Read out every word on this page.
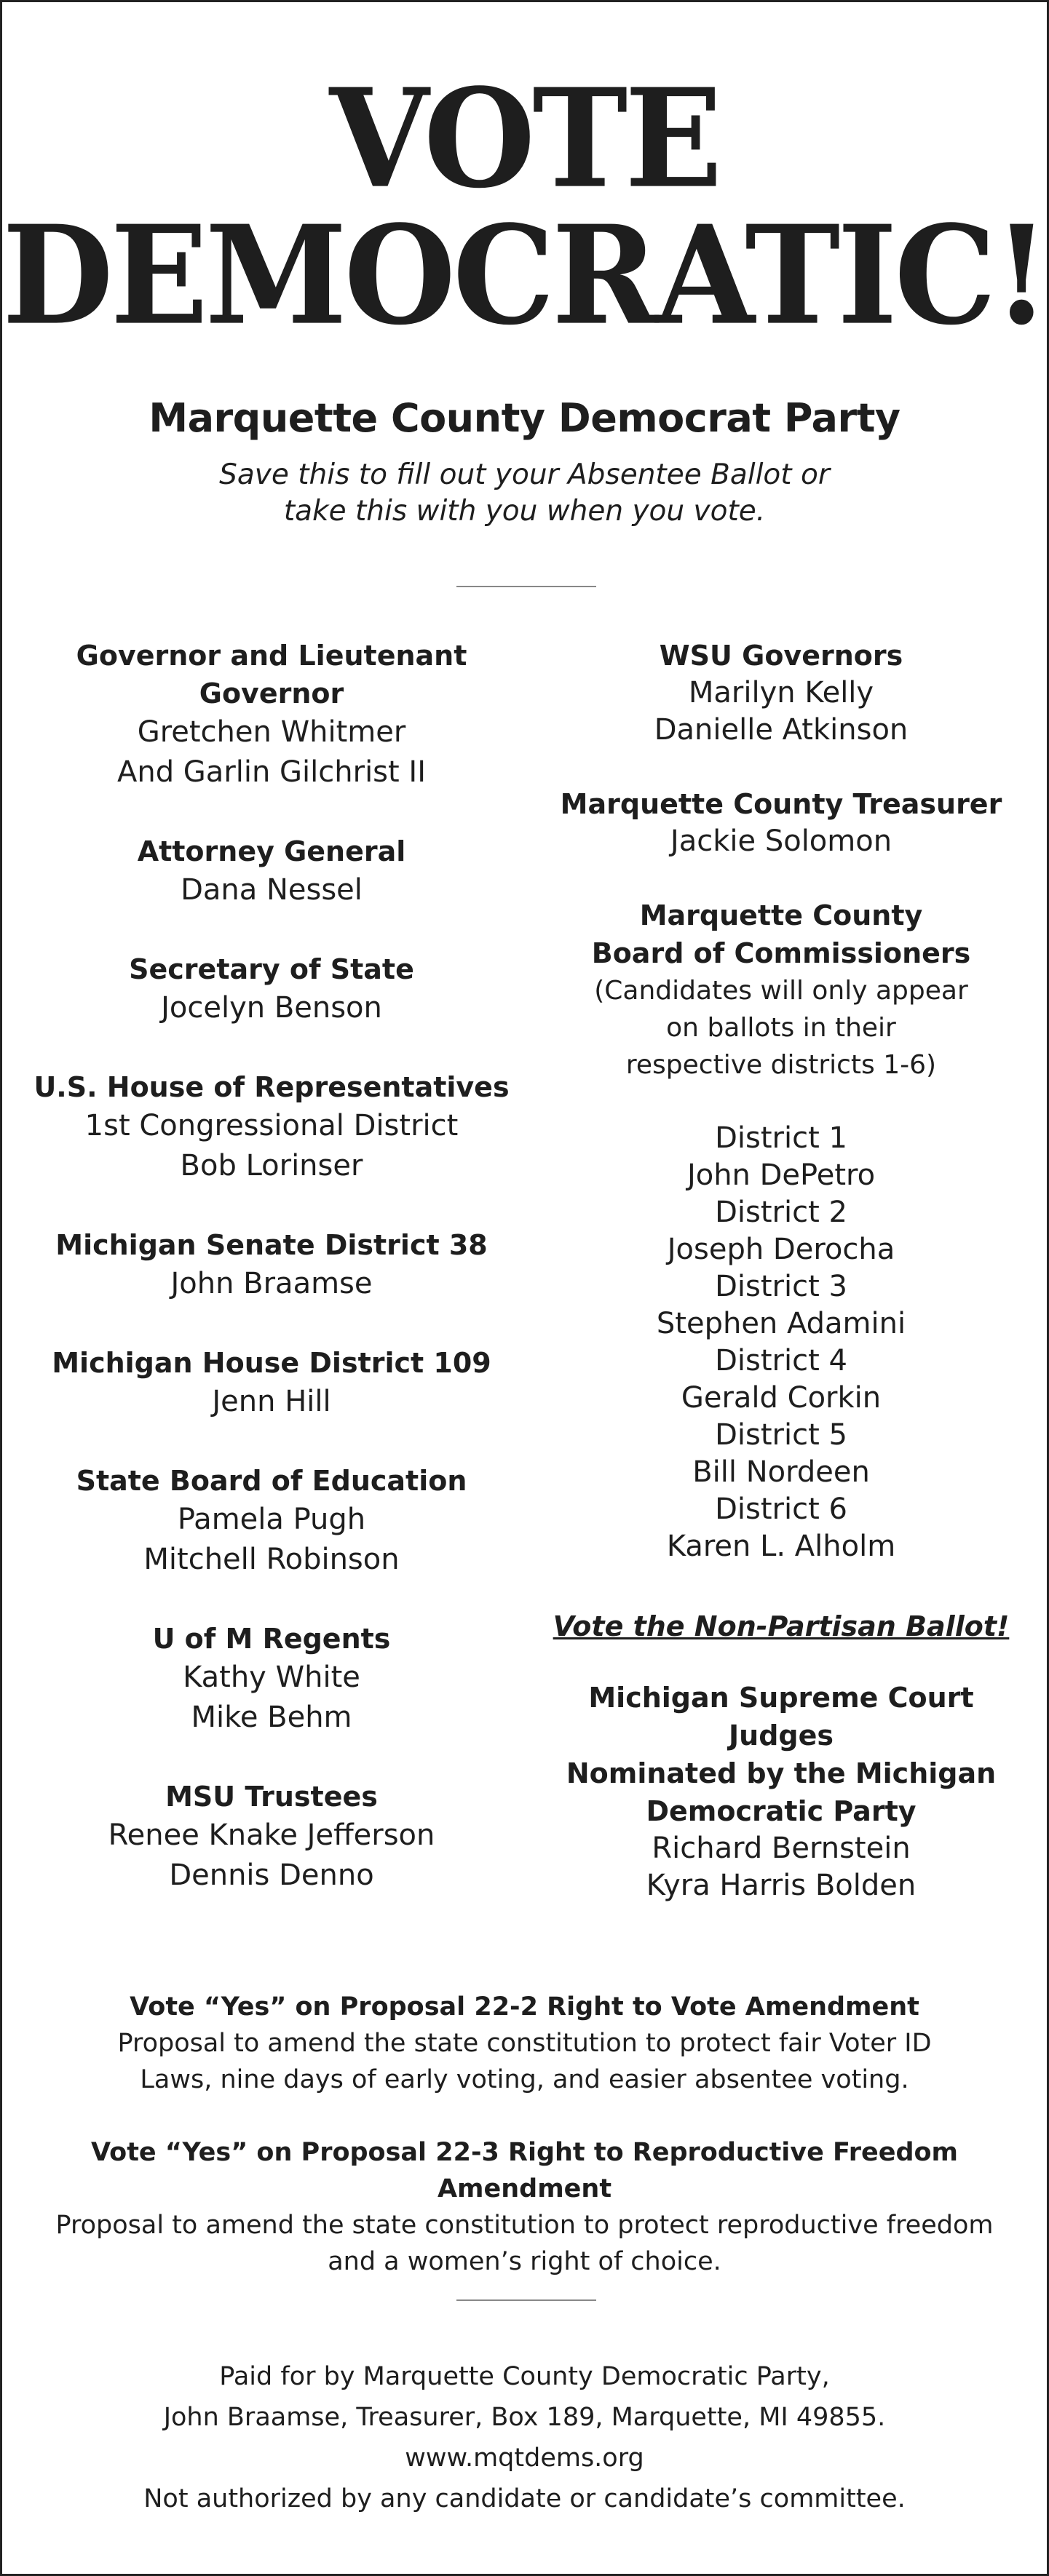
VOTE
DEMOCRATIC!
Marquette County Democrat Party
Save this to fill out your Absentee Ballot or
take this with you when you vote.
Governor and Lieutenant Governor
Gretchen Whitmer
And Garlin Gilchrist II
Attorney General
Dana Nessel
Secretary of State
Jocelyn Benson
U.S. House of Representatives
1st Congressional District
Bob Lorinser
Michigan Senate District 38
John Braamse
Michigan House District 109
Jenn Hill
State Board of Education
Pamela Pugh
Mitchell Robinson
U of M Regents
Kathy White
Mike Behm
MSU Trustees
Renee Knake Jefferson
Dennis Denno
WSU Governors
Marilyn Kelly
Danielle Atkinson
Marquette County Treasurer
Jackie Solomon
Marquette County
Board of Commissioners
(Candidates will only appear
on ballots in their
respective districts 1-6)
District 1
John DePetro
District 2
Joseph Derocha
District 3
Stephen Adamini
District 4
Gerald Corkin
District 5
Bill Nordeen
District 6
Karen L. Alholm
Vote the Non-Partisan Ballot!
Michigan Supreme Court Judges
Nominated by the Michigan
Democratic Party
Richard Bernstein
Kyra Harris Bolden
Vote “Yes” on Proposal 22-2 Right to Vote Amendment
Proposal to amend the state constitution to protect fair Voter ID
Laws, nine days of early voting, and easier absentee voting.
Vote “Yes” on Proposal 22-3 Right to Reproductive Freedom Amendment
Proposal to amend the state constitution to protect reproductive freedom
and a women’s right of choice.
Paid for by Marquette County Democratic Party,
John Braamse, Treasurer, Box 189, Marquette, MI 49855.
www.mqtdems.org
Not authorized by any candidate or candidate’s committee.
